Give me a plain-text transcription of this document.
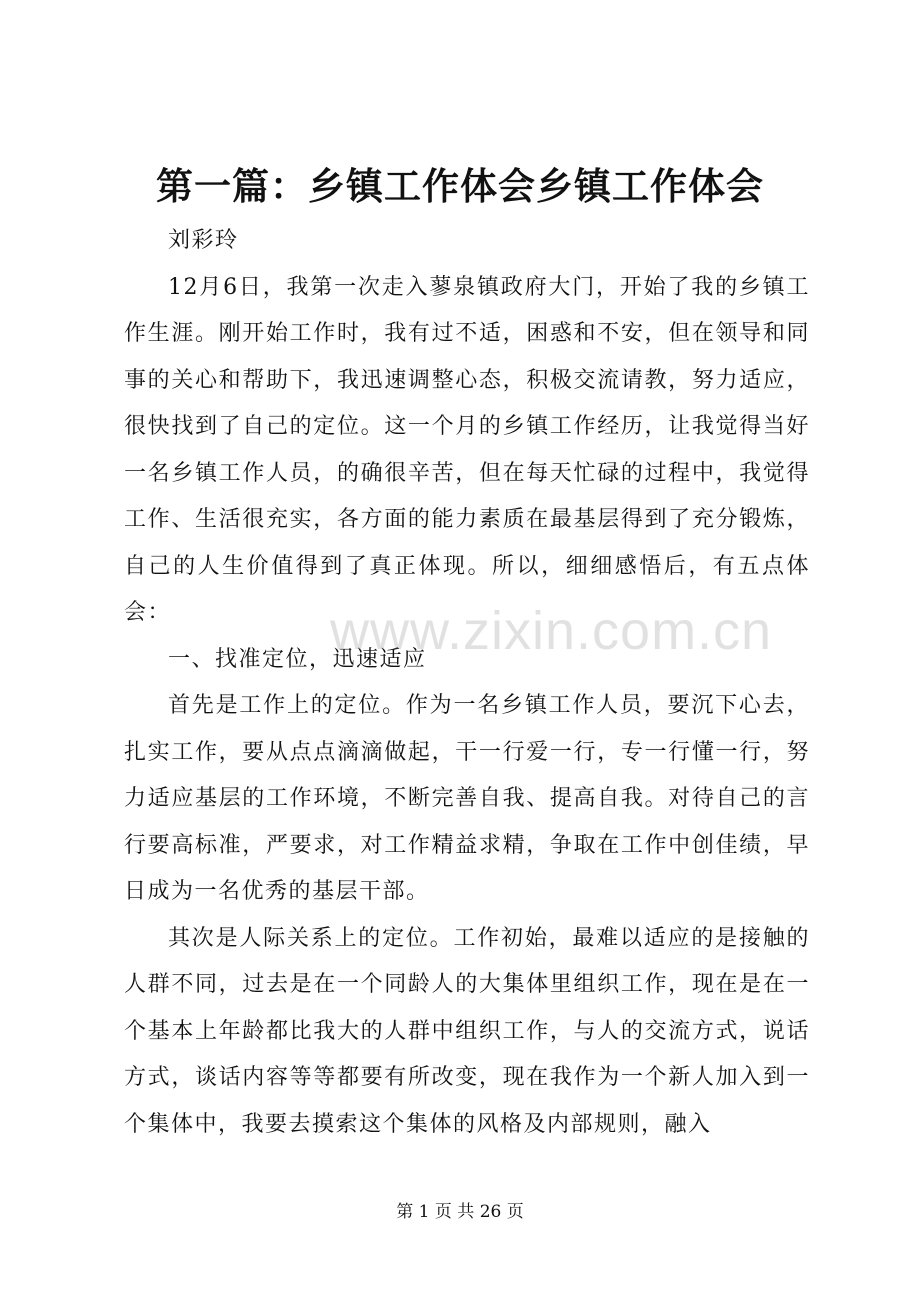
第一篇：乡镇工作体会乡镇工作体会

刘彩玲

12月6日，我第一次走入蓼泉镇政府大门，开始了我的乡镇工作生涯。刚开始工作时，我有过不适，困惑和不安，但在领导和同事的关心和帮助下，我迅速调整心态，积极交流请教，努力适应，很快找到了自己的定位。这一个月的乡镇工作经历，让我觉得当好一名乡镇工作人员，的确很辛苦，但在每天忙碌的过程中，我觉得工作、生活很充实，各方面的能力素质在最基层得到了充分锻炼，自己的人生价值得到了真正体现。所以，细细感悟后，有五点体会：

一、找准定位，迅速适应

首先是工作上的定位。作为一名乡镇工作人员，要沉下心去，扎实工作，要从点点滴滴做起，干一行爱一行，专一行懂一行，努力适应基层的工作环境，不断完善自我、提高自我。对待自己的言行要高标准，严要求，对工作精益求精，争取在工作中创佳绩，早日成为一名优秀的基层干部。

其次是人际关系上的定位。工作初始，最难以适应的是接触的人群不同，过去是在一个同龄人的大集体里组织工作，现在是在一个基本上年龄都比我大的人群中组织工作，与人的交流方式，说话方式，谈话内容等等都要有所改变，现在我作为一个新人加入到一个集体中，我要去摸索这个集体的风格及内部规则，融入

www.zixin.com.cn
第 1 页 共 26 页
